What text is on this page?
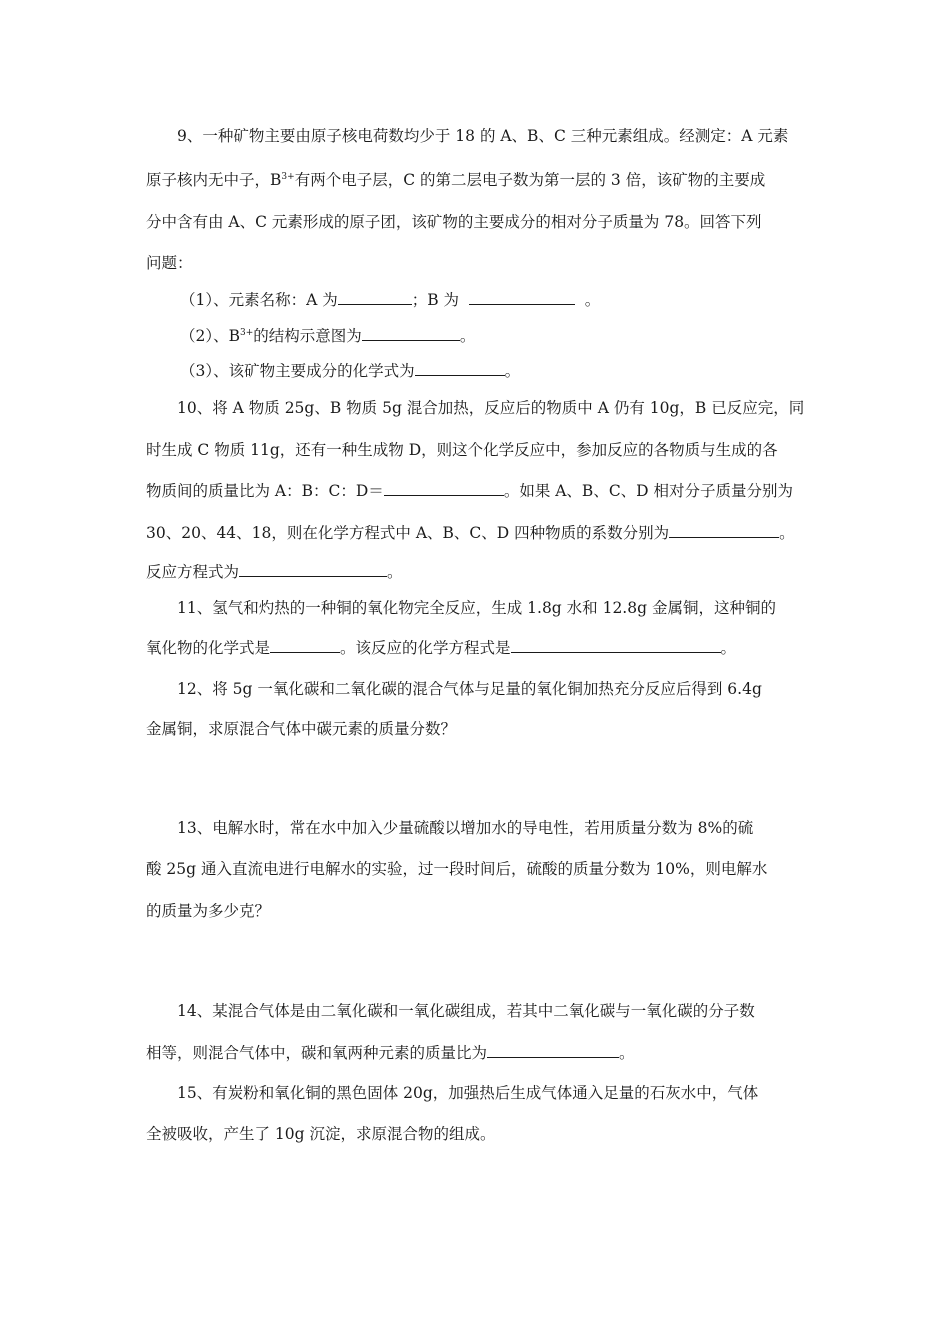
9、一种矿物主要由原子核电荷数均少于 18 的 A、B、C 三种元素组成。经测定：A 元素
原子核内无中子，$B^{3+}$有两个电子层，C 的第二层电子数为第一层的 3 倍，该矿物的主要成
分中含有由 A、C 元素形成的原子团，该矿物的主要成分的相对分子质量为 78。回答下列
问题：
（1）、元素名称：A 为	；B 为	。
（2）、$B^{3+}$的结构示意图为	。
（3）、该矿物主要成分的化学式为	。
10、将 A 物质 25g、B 物质 5g 混合加热，反应后的物质中 A 仍有 10g，B 已反应完，同
时生成 C 物质 11g，还有一种生成物 D，则这个化学反应中，参加反应的各物质与生成的各
物质间的质量比为 A：B：C：D＝	。如果 A、B、C、D 相对分子质量分别为
30、20、44、18，则在化学方程式中 A、B、C、D 四种物质的系数分别为	。
反应方程式为	。
11、氢气和灼热的一种铜的氧化物完全反应，生成 1.8g 水和 12.8g 金属铜，这种铜的
氧化物的化学式是	。该反应的化学方程式是	。
12、将 5g 一氧化碳和二氧化碳的混合气体与足量的氧化铜加热充分反应后得到 6.4g
金属铜，求原混合气体中碳元素的质量分数？
13、电解水时，常在水中加入少量硫酸以增加水的导电性，若用质量分数为 8%的硫
酸 25g 通入直流电进行电解水的实验，过一段时间后，硫酸的质量分数为 10%，则电解水
的质量为多少克？
14、某混合气体是由二氧化碳和一氧化碳组成，若其中二氧化碳与一氧化碳的分子数
相等，则混合气体中，碳和氧两种元素的质量比为	。
15、有炭粉和氧化铜的黑色固体 20g，加强热后生成气体通入足量的石灰水中，气体
全被吸收，产生了 10g 沉淀，求原混合物的组成。
